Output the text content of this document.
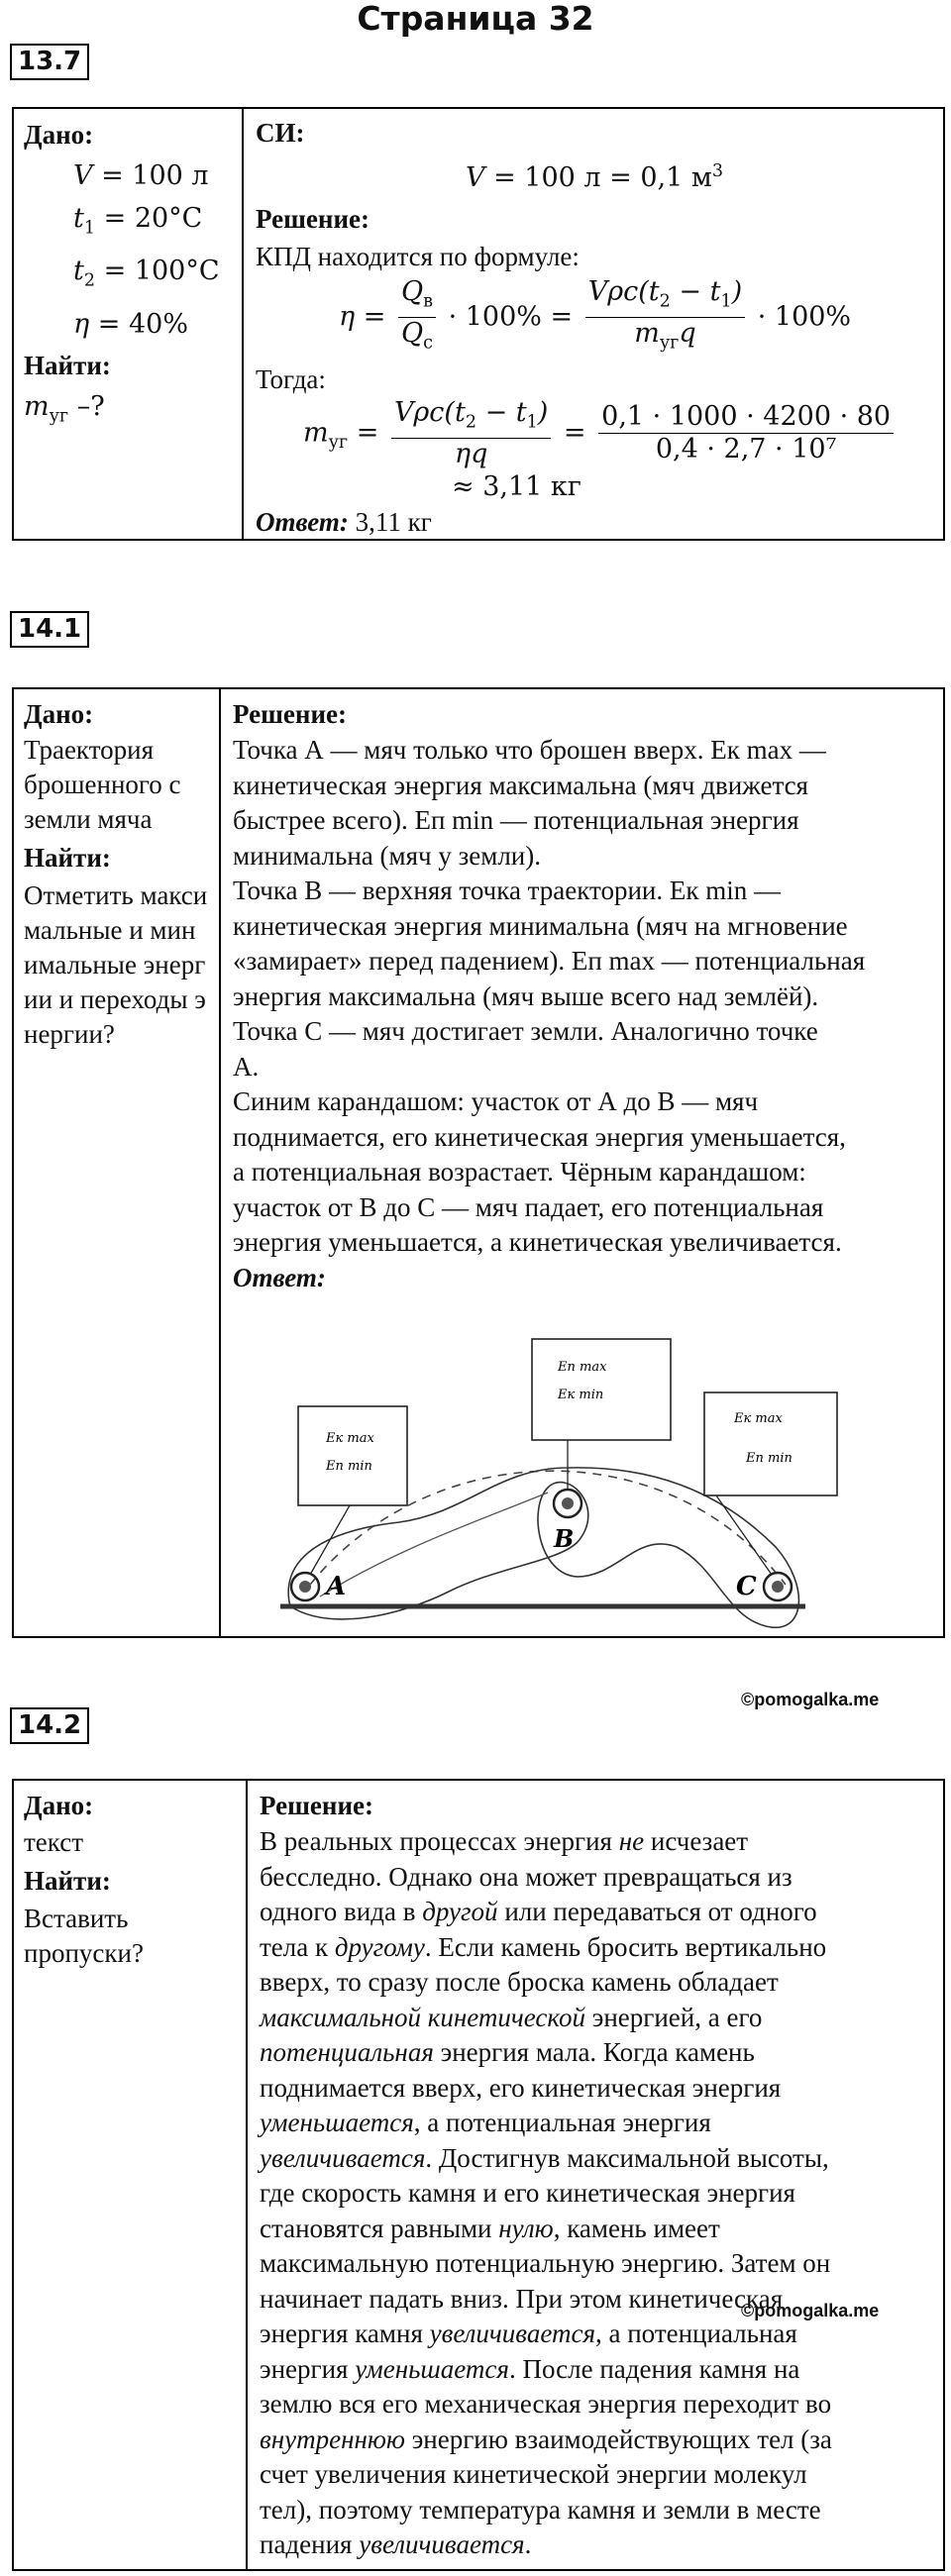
Страница 32
13.7
Дано:
V = 100 л
$t_1 = 20^\circ C$
$t_2 = 100^\circ C$
η = 40%
Найти:
$m_{уг}$ –?
СИ:
V = 100 л = 0,1 $м^3$
Решение:
КПД находится по формуле:
$\eta = \frac{Q_в}{Q_с} \cdot 100\% = \frac{V\rho c(t_2 - t_1)}{m_{уг}q} \cdot 100\%$
Тогда:
$m_{уг} = \frac{V\rho c(t_2 - t_1)}{\eta q} = \frac{0,1 \cdot 1000 \cdot 4200 \cdot 80}{\text{0,4 · 2,7 · 10⁷}}$
≈ 3,11 кг
Ответ: 3,11 кг
14.1
Дано:
Траектория брошенного с земли мяча
Найти:
Отметить максимальные и минимальные энергии и переходы энергии?
Решение:
Точка А — мяч только что брошен вверх. Eк max —
кинетическая энергия максимальна (мяч движется
быстрее всего). Eп min — потенциальная энергия
минимальна (мяч у земли).
Точка В — верхняя точка траектории. Eк min —
кинетическая энергия минимальна (мяч на мгновение
«замирает» перед падением). Eп max — потенциальная
энергия максимальна (мяч выше всего над землёй).
Точка С — мяч достигает земли. Аналогично точке
А.
Синим карандашом: участок от А до В — мяч
поднимается, его кинетическая энергия уменьшается,
а потенциальная возрастает. Чёрным карандашом:
участок от В до С — мяч падает, его потенциальная
энергия уменьшается, а кинетическая увеличивается.
Ответ:
A
B
C
Eк max
Eп min
Eп max
Eк min
Eк max
Eп min
©pomogalka.me
14.2
Дано:
текст
Найти:
Вставить пропуски?
Решение:
В реальных процессах энергия не исчезает
бесследно. Однако она может превращаться из
одного вида в другой или передаваться от одного
тела к другому. Если камень бросить вертикально
вверх, то сразу после броска камень обладает
максимальной кинетической энергией, а его
потенциальная энергия мала. Когда камень
поднимается вверх, его кинетическая энергия
уменьшается, а потенциальная энергия
увеличивается. Достигнув максимальной высоты,
где скорость камня и его кинетическая энергия
становятся равными нулю, камень имеет
максимальную потенциальную энергию. Затем он
начинает падать вниз. При этом кинетическая
энергия камня увеличивается, а потенциальная
энергия уменьшается. После падения камня на
землю вся его механическая энергия переходит во
внутреннюю энергию взаимодействующих тел (за
счет увеличения кинетической энергии молекул
тел), поэтому температура камня и земли в месте
падения увеличивается.
©pomogalka.me
